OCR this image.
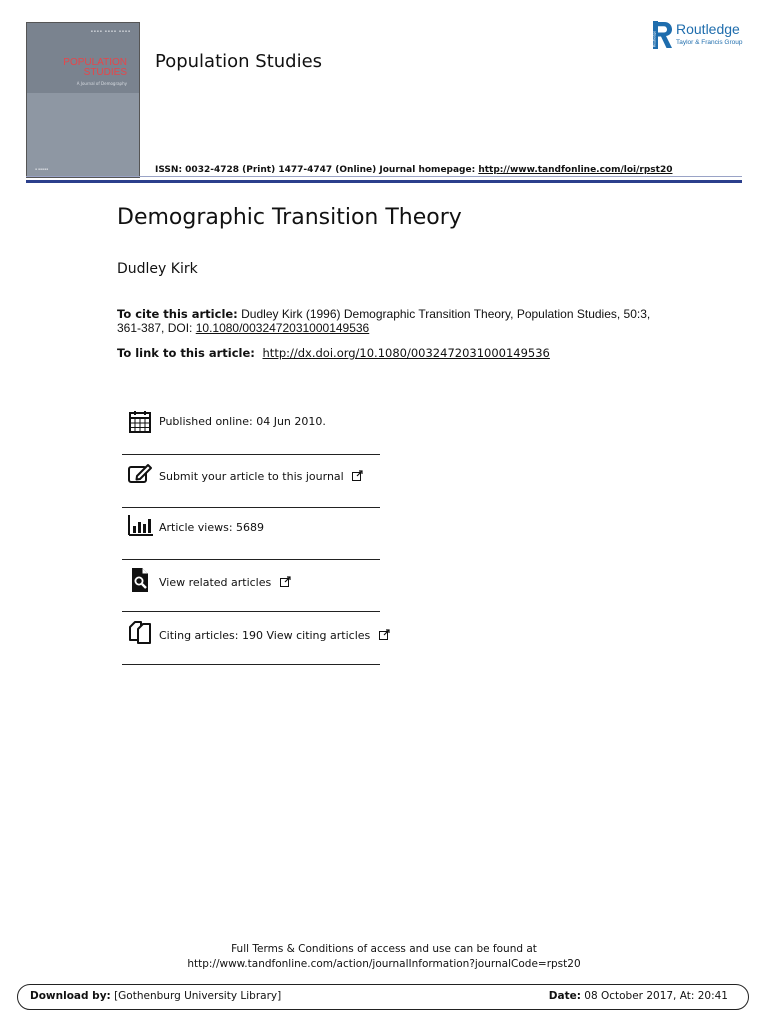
▪▪▪▪ ▪▪▪▪ ▪▪▪▪
POPULATION
STUDIES
A Journal of Demography
▪ ▪▪▪▪▪
Population Studies
Routledge
Routledge
Taylor & Francis Group
ISSN: 0032-4728 (Print) 1477-4747 (Online) Journal homepage: http://www.tandfonline.com/loi/rpst20
Demographic Transition Theory
Dudley Kirk
To cite this article: Dudley Kirk (1996) Demographic Transition Theory, Population Studies, 50:3, 361-387, DOI: 10.1080/0032472031000149536
To link to this article: http://dx.doi.org/10.1080/0032472031000149536
Published online: 04 Jun 2010.
Submit your article to this journal
Article views: 5689
View related articles
Citing articles: 190 View citing articles
Full Terms & Conditions of access and use can be found at
http://www.tandfonline.com/action/journalInformation?journalCode=rpst20
Download by: [Gothenburg University Library]	Date: 08 October 2017, At: 20:41
